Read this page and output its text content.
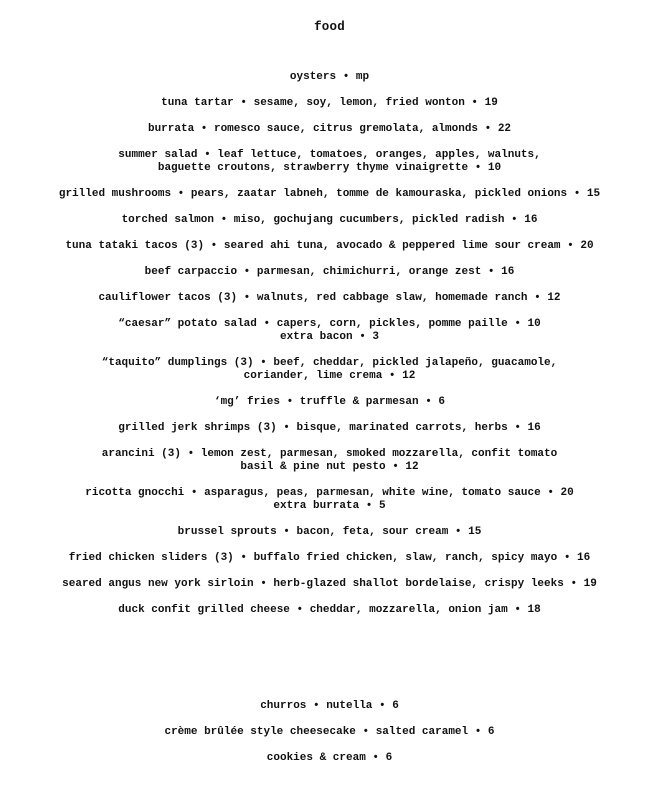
food
oysters • mp
tuna tartar • sesame, soy, lemon, fried wonton • 19
burrata • romesco sauce, citrus gremolata, almonds • 22
summer salad • leaf lettuce, tomatoes, oranges, apples, walnuts,
baguette croutons, strawberry thyme vinaigrette • 10
grilled mushrooms • pears, zaatar labneh, tomme de kamouraska, pickled onions • 15
torched salmon • miso, gochujang cucumbers, pickled radish • 16
tuna tataki tacos (3) • seared ahi tuna, avocado & peppered lime sour cream • 20
beef carpaccio • parmesan, chimichurri, orange zest • 16
cauliflower tacos (3) • walnuts, red cabbage slaw, homemade ranch • 12
“caesar” potato salad • capers, corn, pickles, pomme paille • 10
extra bacon • 3
“taquito” dumplings (3) • beef, cheddar, pickled jalapeño, guacamole,
coriander, lime crema • 12
‘mg’ fries • truffle & parmesan • 6
grilled jerk shrimps (3) • bisque, marinated carrots, herbs • 16
arancini (3) • lemon zest, parmesan, smoked mozzarella, confit tomato
basil & pine nut pesto • 12
ricotta gnocchi • asparagus, peas, parmesan, white wine, tomato sauce • 20
extra burrata • 5
brussel sprouts • bacon, feta, sour cream • 15
fried chicken sliders (3) • buffalo fried chicken, slaw, ranch, spicy mayo • 16
seared angus new york sirloin • herb-glazed shallot bordelaise, crispy leeks • 19
duck confit grilled cheese • cheddar, mozzarella, onion jam • 18
churros • nutella • 6
crème brûlée style cheesecake • salted caramel • 6
cookies & cream • 6
